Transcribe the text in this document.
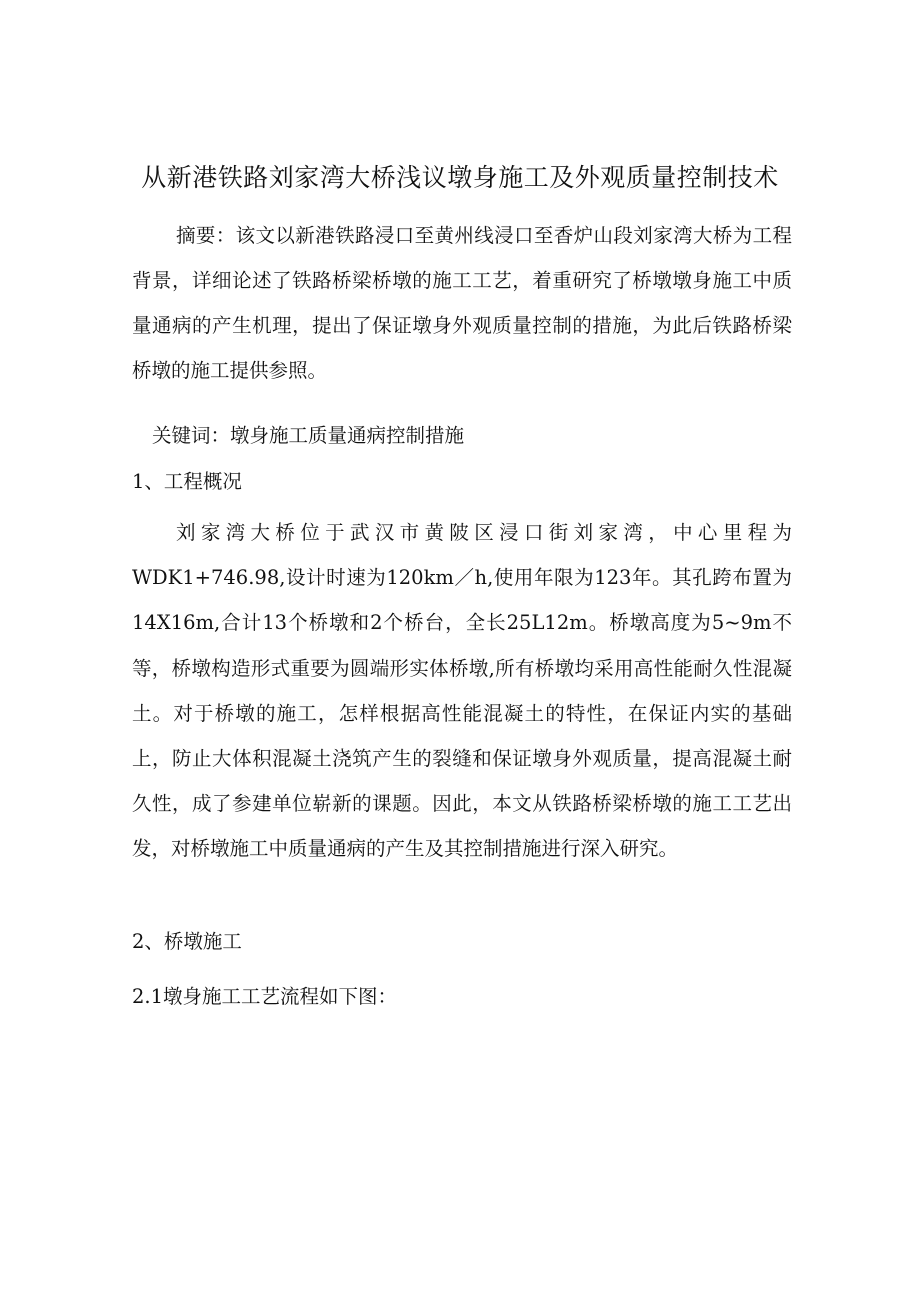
从新港铁路刘家湾大桥浅议墩身施工及外观质量控制技术
摘要：该文以新港铁路浸口至黄州线浸口至香炉山段刘家湾大桥为工程背景，详细论述了铁路桥梁桥墩的施工工艺，着重研究了桥墩墩身施工中质量通病的产生机理，提出了保证墩身外观质量控制的措施，为此后铁路桥梁桥墩的施工提供参照。
关键词：墩身施工质量通病控制措施
1、工程概况
刘家湾大桥位于武汉市黄陂区浸口街刘家湾，中心里程为WDK1+746.98,设计时速为120km／h,使用年限为123年。其孔跨布置为14X16m,合计13个桥墩和2个桥台，全长25L12m。桥墩高度为5~9m不等，桥墩构造形式重要为圆端形实体桥墩,所有桥墩均采用高性能耐久性混凝土。对于桥墩的施工，怎样根据高性能混凝土的特性，在保证内实的基础上，防止大体积混凝土浇筑产生的裂缝和保证墩身外观质量，提高混凝土耐久性，成了参建单位崭新的课题。因此，本文从铁路桥梁桥墩的施工工艺出发，对桥墩施工中质量通病的产生及其控制措施进行深入研究。
2、桥墩施工
2.1墩身施工工艺流程如下图：
